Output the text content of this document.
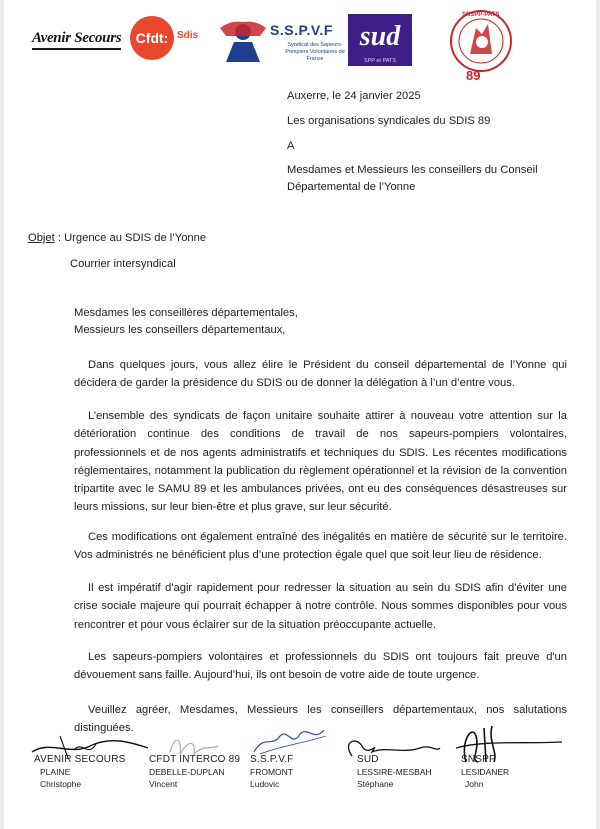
Avenir Secours	Cfdt: Sdis	S.S.P.V.F
Syndicat des Sapeurs-Pompiers Volontaires de France
sud
SPP et PATS
SNSPP-PATS
89
Auxerre, le 24 janvier 2025
Les organisations syndicales du SDIS 89
A
Mesdames et Messieurs les conseillers du Conseil
Départemental de l’Yonne
Objet : Urgence au SDIS de l’Yonne
Courrier intersyndical
Mesdames les conseillères départementales,
Messieurs les conseillers départementaux,
Dans quelques jours, vous allez élire le Président du conseil départemental de l’Yonne qui décidera de garder la présidence du SDIS ou de donner la délégation à l’un d’entre vous.
L’ensemble des syndicats de façon unitaire souhaite attirer à nouveau votre attention sur la détérioration continue des conditions de travail de nos sapeurs-pompiers volontaires, professionnels et de nos agents administratifs et techniques du SDIS. Les récentes modifications réglementaires, notamment la publication du règlement opérationnel et la révision de la convention tripartite avec le SAMU 89 et les ambulances privées, ont eu des conséquences désastreuses sur leurs missions, sur leur bien-être et plus grave, sur leur sécurité.
Ces modifications ont également entraîné des inégalités en matière de sécurité sur le territoire. Vos administrés ne bénéficient plus d’une protection égale quel que soit leur lieu de résidence.
Il est impératif d'agir rapidement pour redresser la situation au sein du SDIS afin d'éviter une crise sociale majeure qui pourrait échapper à notre contrôle. Nous sommes disponibles pour vous rencontrer et pour vous éclairer sur de la situation préoccupante actuelle.
Les sapeurs-pompiers volontaires et professionnels du SDIS ont toujours fait preuve d'un dévouement sans faille. Aujourd’hui, ils ont besoin de votre aide de toute urgence.
Veuillez agréer, Mesdames, Messieurs les conseillers départementaux, nos salutations distinguées.
AVENIR SECOURS
PLAINE
Christophe
CFDT INTERCO 89
DEBELLE-DUPLAN
Vincent
S.S.P.V.F
FROMONT
Ludovic
SUD
LESSIRE-MESBAH
Stéphane
SNSPP
LESIDANER
John
